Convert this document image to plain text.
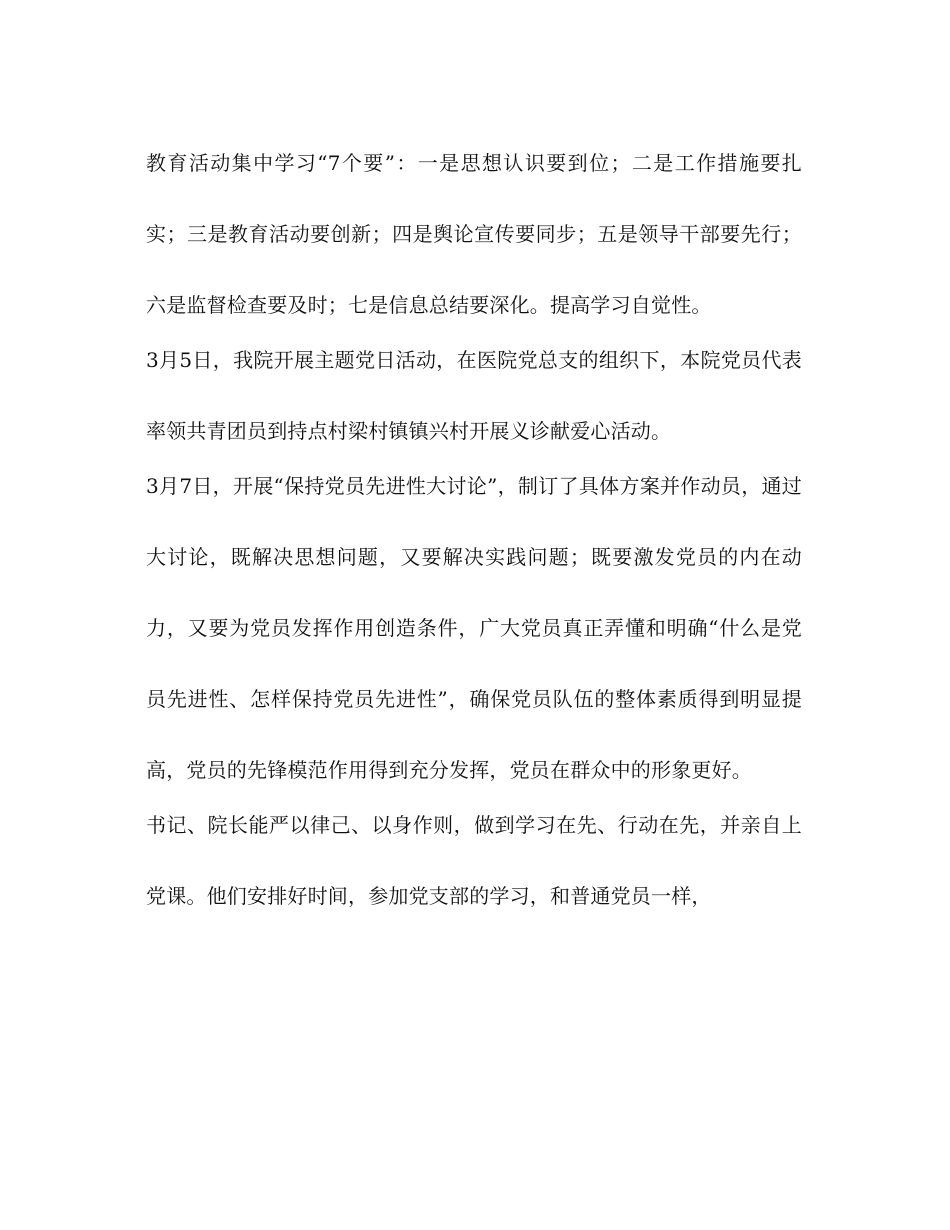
教育活动集中学习“7个要”：一是思想认识要到位；二是工作措施要扎实；三是教育活动要创新；四是舆论宣传要同步；五是领导干部要先行；六是监督检查要及时；七是信息总结要深化。提高学习自觉性。

3月5日，我院开展主题党日活动，在医院党总支的组织下，本院党员代表率领共青团员到持点村梁村镇镇兴村开展义诊献爱心活动。

3月7日，开展“保持党员先进性大讨论”，制订了具体方案并作动员，通过大讨论，既解决思想问题，又要解决实践问题；既要激发党员的内在动力，又要为党员发挥作用创造条件，广大党员真正弄懂和明确“什么是党员先进性、怎样保持党员先进性”，确保党员队伍的整体素质得到明显提高，党员的先锋模范作用得到充分发挥，党员在群众中的形象更好。

书记、院长能严以律己、以身作则，做到学习在先、行动在先，并亲自上党课。他们安排好时间，参加党支部的学习，和普通党员一样，
